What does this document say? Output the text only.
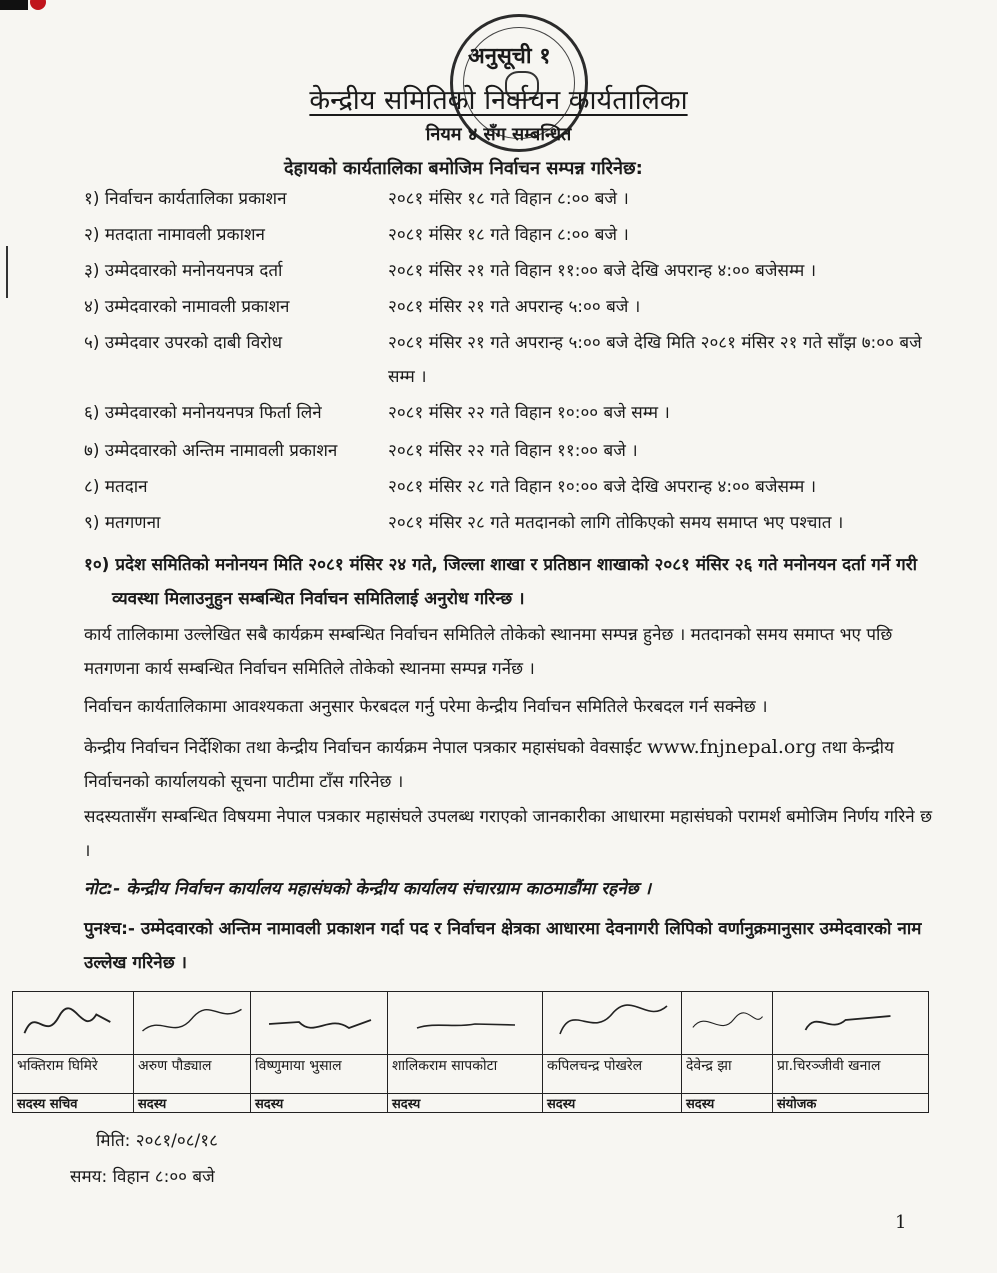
अनुसूची १
केन्द्रीय समितिको निर्वाचन कार्यतालिका
नियम ४ सँग सम्बन्धित
देहायको कार्यतालिका बमोजिम निर्वाचन सम्पन्न गरिनेछ:
१) निर्वाचन कार्यतालिका प्रकाशन	२०८१ मंसिर १८ गते विहान ८:०० बजे ।
२) मतदाता नामावली प्रकाशन	२०८१ मंसिर १८ गते विहान ८:०० बजे ।
३) उम्मेदवारको मनोनयनपत्र दर्ता	२०८१ मंसिर २१ गते विहान ११:०० बजे देखि अपरान्ह ४:०० बजेसम्म ।
४) उम्मेदवारको नामावली प्रकाशन	२०८१ मंसिर २१ गते अपरान्ह ५:०० बजे ।
५) उम्मेदवार उपरको दाबी विरोध	२०८१ मंसिर २१ गते अपरान्ह ५:०० बजे देखि मिति २०८१ मंसिर २१ गते साँझ ७:०० बजे सम्म ।
६) उम्मेदवारको मनोनयनपत्र फिर्ता लिने	२०८१ मंसिर २२ गते विहान १०:०० बजे सम्म ।
७) उम्मेदवारको अन्तिम नामावली प्रकाशन	२०८१ मंसिर २२ गते विहान ११:०० बजे ।
८) मतदान	२०८१ मंसिर २८ गते विहान १०:०० बजे देखि अपरान्ह ४:०० बजेसम्म ।
९) मतगणना	२०८१ मंसिर २८ गते मतदानको लागि तोकिएको समय समाप्त भए पश्चात ।
१०) प्रदेश समितिको मनोनयन मिति २०८१ मंसिर २४ गते, जिल्ला शाखा र प्रतिष्ठान शाखाको २०८१ मंसिर २६ गते मनोनयन दर्ता गर्ने गरी व्यवस्था मिलाउनुहुन सम्बन्धित निर्वाचन समितिलाई अनुरोध गरिन्छ ।
कार्य तालिकामा उल्लेखित सबै कार्यक्रम सम्बन्धित निर्वाचन समितिले तोकेको स्थानमा सम्पन्न हुनेछ । मतदानको समय समाप्त भए पछि मतगणना कार्य सम्बन्धित निर्वाचन समितिले तोकेको स्थानमा सम्पन्न गर्नेछ ।
निर्वाचन कार्यतालिकामा आवश्यकता अनुसार फेरबदल गर्नु परेमा केन्द्रीय निर्वाचन समितिले फेरबदल गर्न सक्नेछ ।
केन्द्रीय निर्वाचन निर्देशिका तथा केन्द्रीय निर्वाचन कार्यक्रम नेपाल पत्रकार महासंघको वेवसाईट www.fnjnepal.org तथा केन्द्रीय निर्वाचनको कार्यालयको सूचना पाटीमा टाँस गरिनेछ ।
सदस्यतासँग सम्बन्धित विषयमा नेपाल पत्रकार महासंघले उपलब्ध गराएको जानकारीका आधारमा महासंघको परामर्श बमोजिम निर्णय गरिने छ ।
नोट:- केन्द्रीय निर्वाचन कार्यालय महासंघको केन्द्रीय कार्यालय संचारग्राम काठमाडौंमा रहनेछ ।
पुनश्च:- उम्मेदवारको अन्तिम नामावली प्रकाशन गर्दा पद र निर्वाचन क्षेत्रका आधारमा देवनागरी लिपिको वर्णानुक्रमानुसार उम्मेदवारको नाम उल्लेख गरिनेछ ।

भक्तिराम घिमिरे	अरुण पौड्याल	विष्णुमाया भुसाल	शालिकराम सापकोटा	कपिलचन्द्र पोखरेल	देवेन्द्र झा	प्रा.चिरञ्जीवी खनाल
सदस्य सचिव	सदस्य	सदस्य	सदस्य	सदस्य	सदस्य	संयोजक
मिति: २०८१/०८/१८
समय: विहान ८:०० बजे
1
